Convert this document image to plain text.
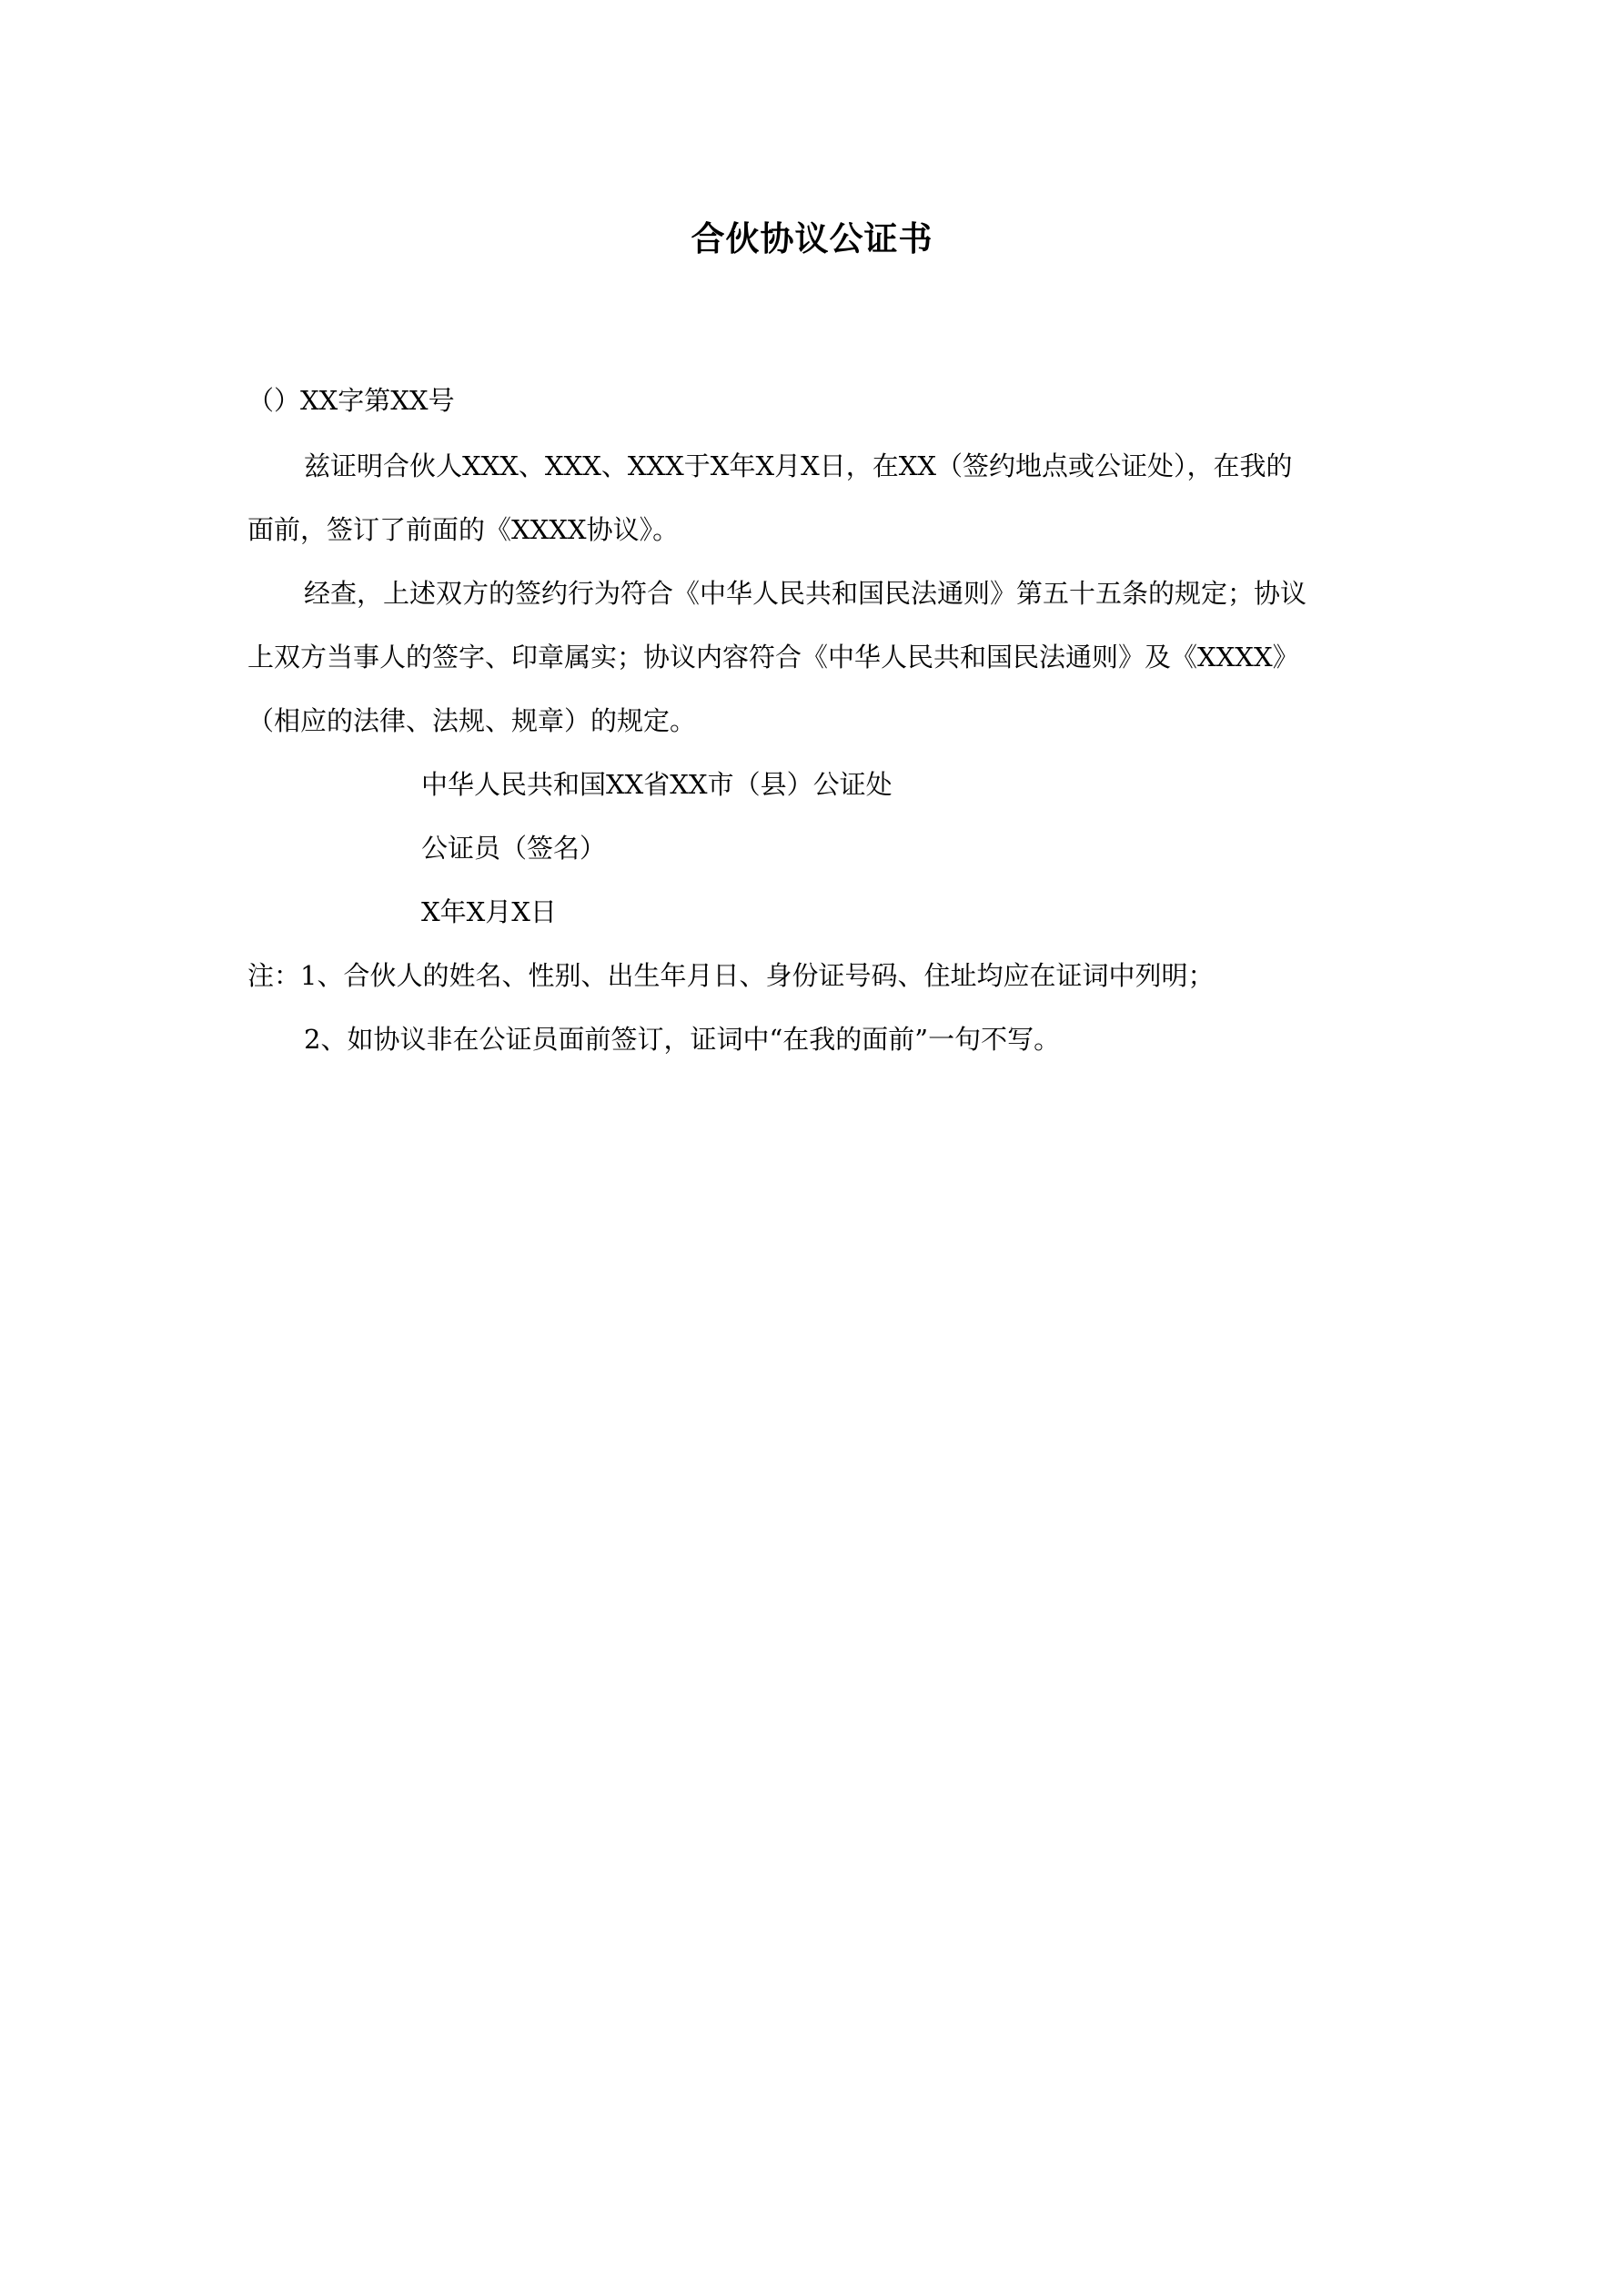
合伙协议公证书
（）XX字第XX号
兹证明合伙人XXX、XXX、XXX于X年X月X日，在XX（签约地点或公证处），在我的
面前，签订了前面的《XXXX协议》。
经查，上述双方的签约行为符合《中华人民共和国民法通则》第五十五条的规定；协议
上双方当事人的签字、印章属实；协议内容符合《中华人民共和国民法通则》及《XXXX》
（相应的法律、法规、规章）的规定。
中华人民共和国XX省XX市（县）公证处
公证员（签名）
X年X月X日
注：1、合伙人的姓名、性别、出生年月日、身份证号码、住址均应在证词中列明；
2、如协议非在公证员面前签订，证词中“在我的面前”一句不写。
